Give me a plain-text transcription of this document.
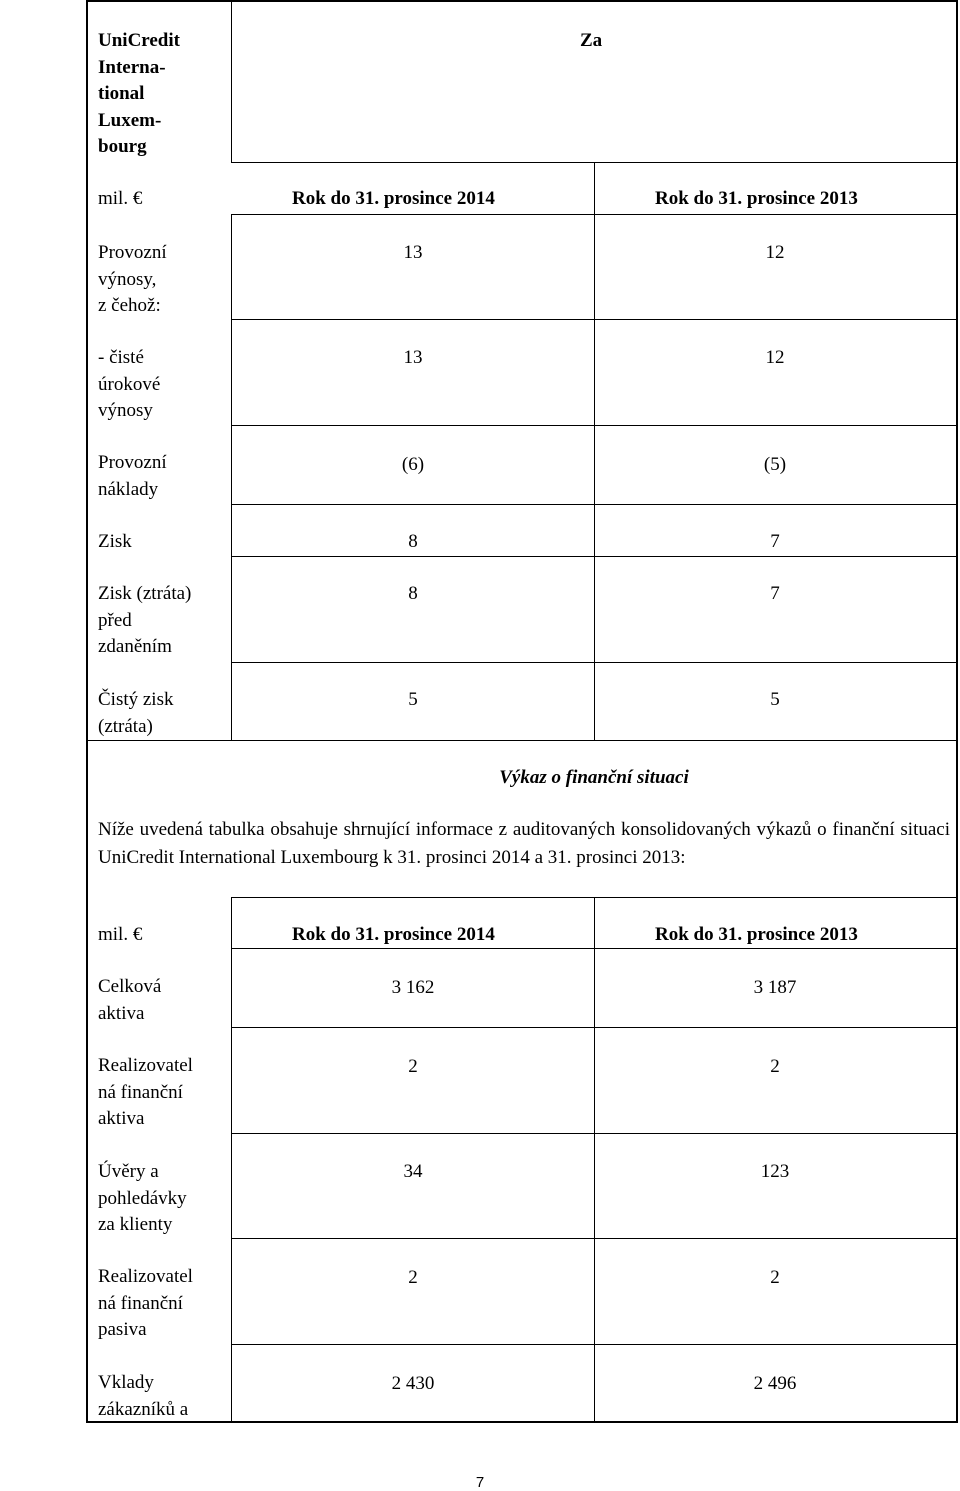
UniCredit
Interna-
tional
Luxem-
bourg
Za
mil. €	Rok do 31. prosince 2014	Rok do 31. prosince 2013
Provozní
výnosy,
z čehož:
13	12
- čisté
úrokové
výnosy
13	12
Provozní
náklady
(6)	(5)
Zisk	8	7
Zisk (ztráta)
před
zdaněním
8	7
Čistý zisk
(ztráta)
5	5
Výkaz o finanční situaci
Níže uvedená tabulka obsahuje shrnující informace z auditovaných konsolidovaných výkazů o finanční situaci UniCredit International Luxembourg k 31. prosinci 2014 a 31. prosinci 2013:
mil. €	Rok do 31. prosince 2014	Rok do 31. prosince 2013
Celková
aktiva
3 162	3 187
Realizovatel
ná finanční
aktiva
2	2
Úvěry a
pohledávky
za klienty
34	123
Realizovatel
ná finanční
pasiva
2	2
Vklady
zákazníků a
2 430	2 496
7
